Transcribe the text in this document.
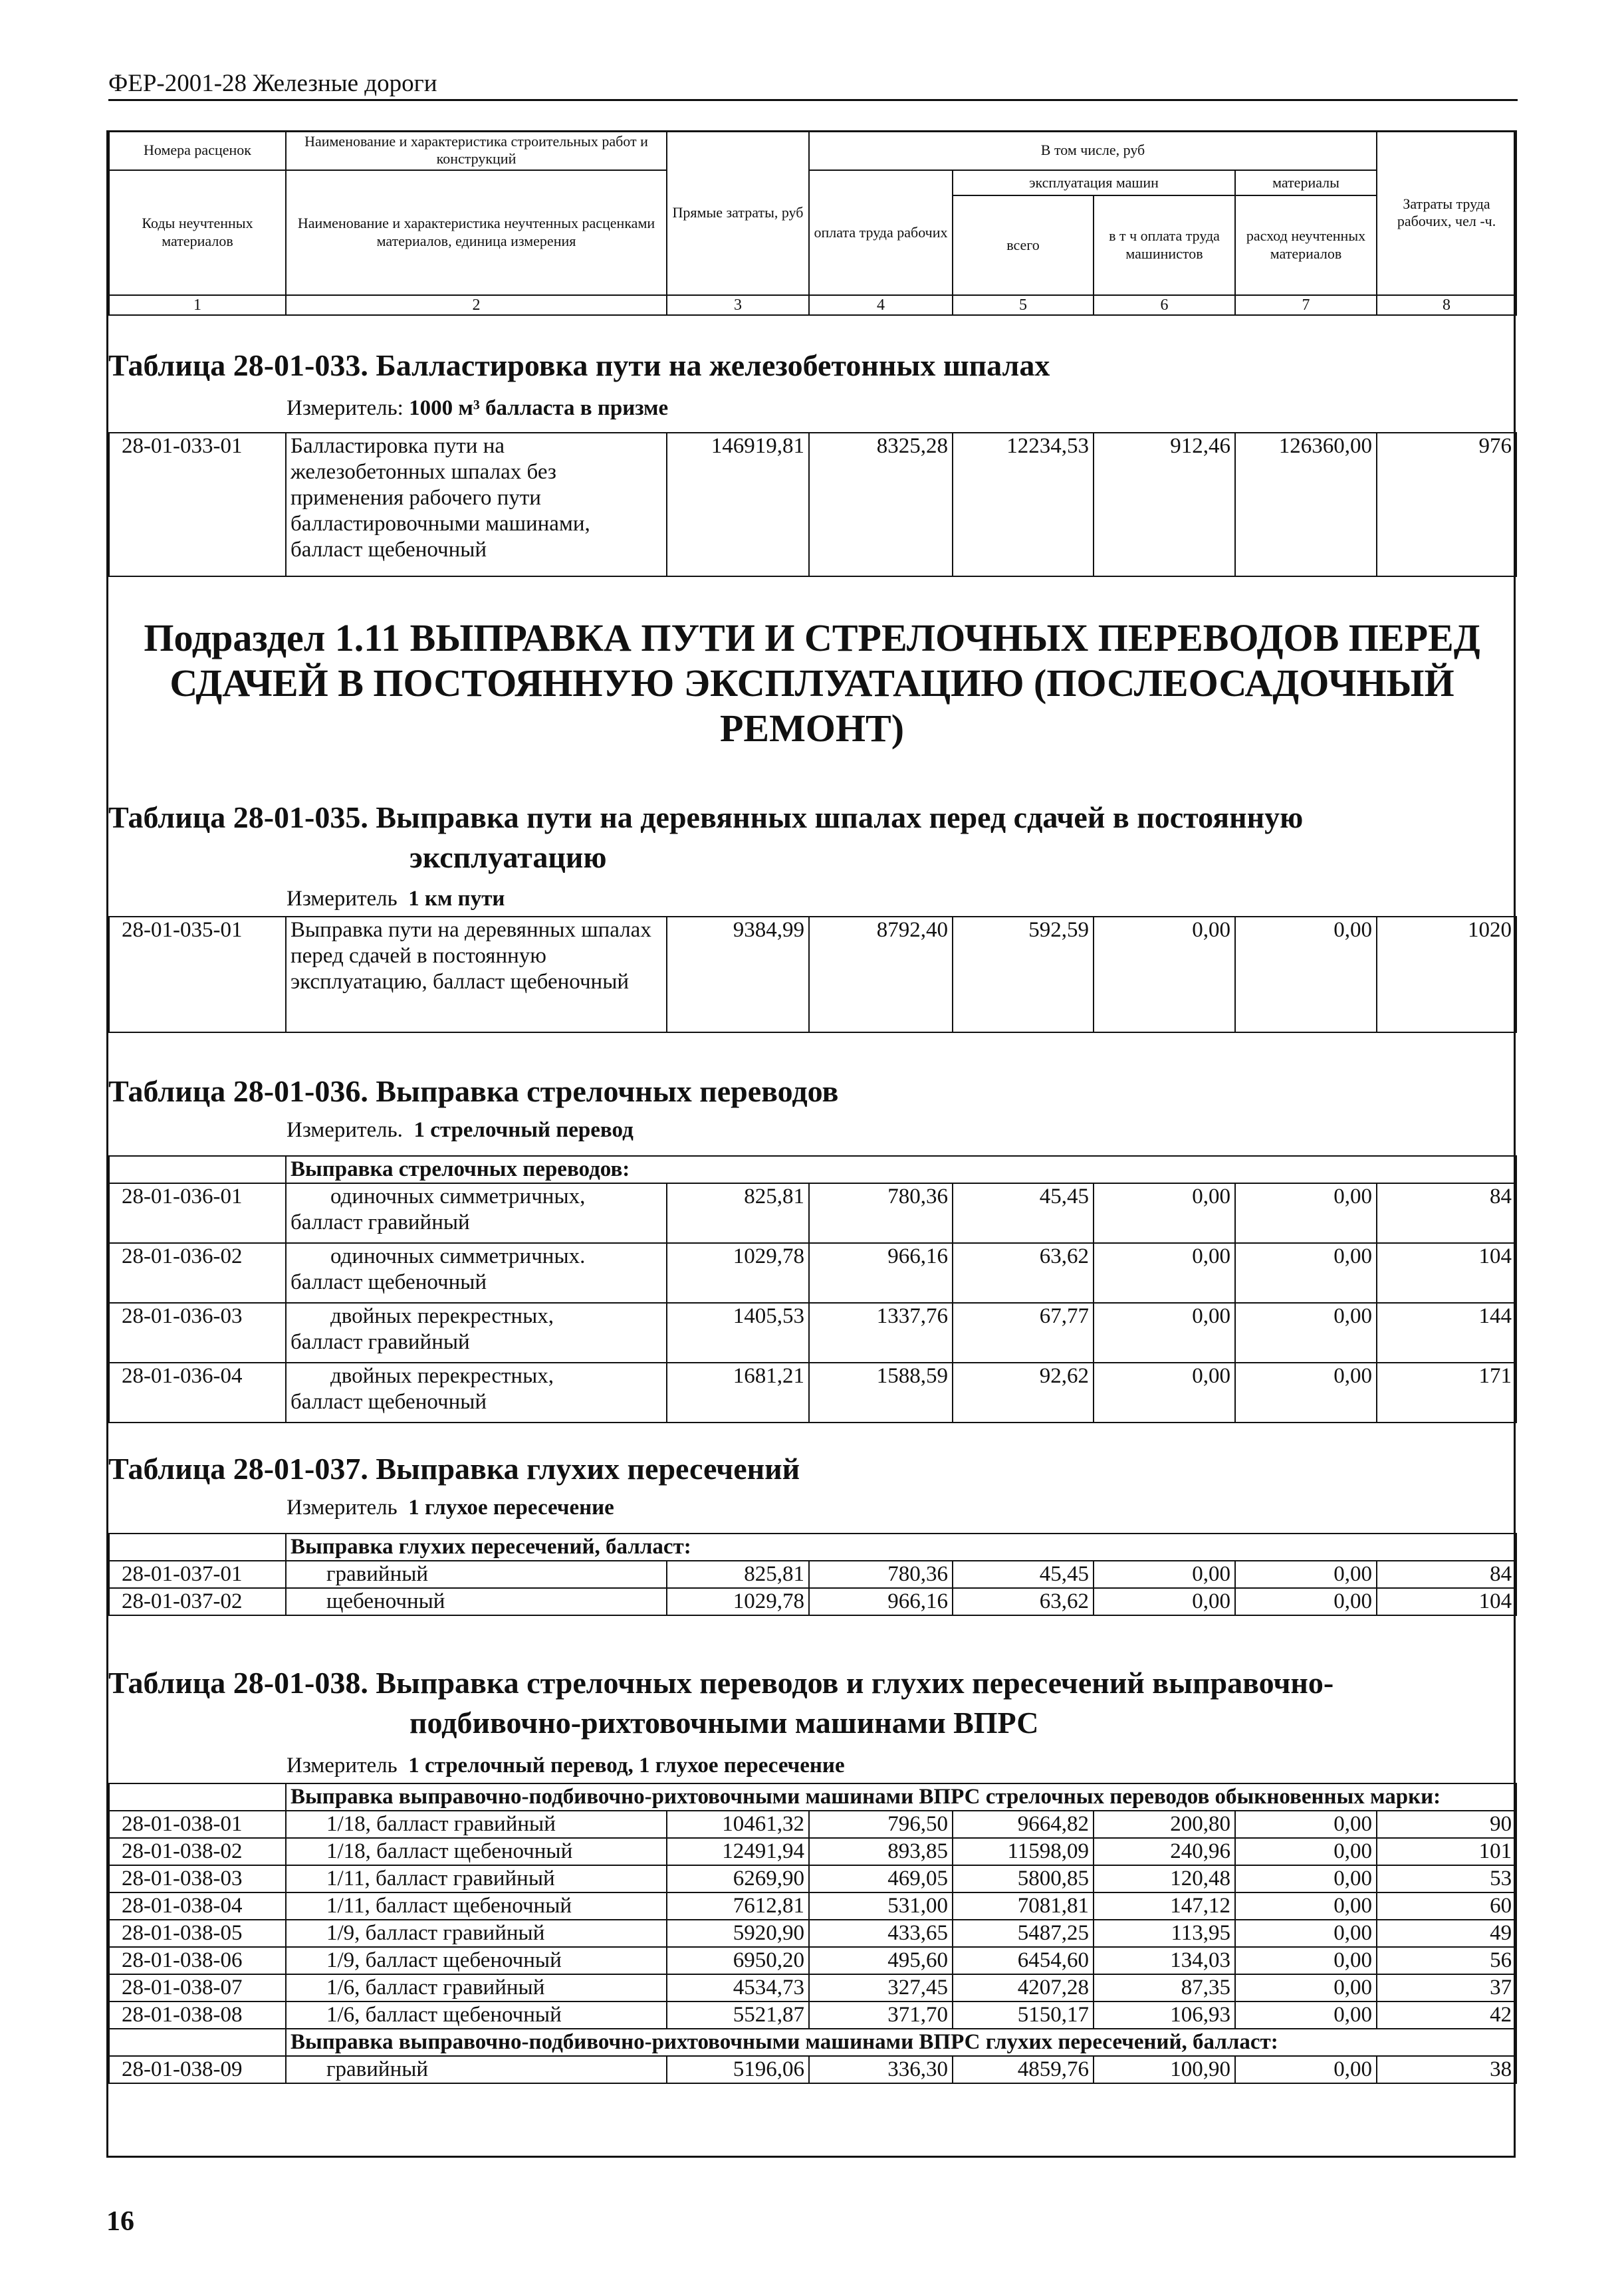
ФЕР-2001-28 Железные дороги
Номера расценок	Наименование и характеристика строительных работ и конструкций	Прямые затраты, руб	В том числе, руб				Затраты труда рабочих, чел -ч.
Коды неучтенных материалов	Наименование и характеристика неучтенных расценками материалов, единица измерения		оплата труда рабочих	эксплуатация машин		материалы	
				всего	в т ч оплата труда машинистов	расход неучтенных материалов	
1	2	3	4	5	6	7	8
Таблица 28-01-033. Балластировка пути на железобетонных шпалах
Измеритель: 1000 м³ балласта в призме
28-01-033-01	Балластировка пути на железобетонных шпалах без применения рабочего пути балластировочными машинами, балласт щебеночный	146919,81	8325,28	12234,53	912,46	126360,00	976
Подраздел 1.11 ВЫПРАВКА ПУТИ И СТРЕЛОЧНЫХ ПЕРЕВОДОВ ПЕРЕД СДАЧЕЙ В ПОСТОЯННУЮ ЭКСПЛУАТАЦИЮ (ПОСЛЕОСАДОЧНЫЙ РЕМОНТ)
Таблица 28-01-035. Выправка пути на деревянных шпалах перед сдачей в постоянную
эксплуатацию
Измеритель 1 км пути
28-01-035-01	Выправка пути на деревянных шпалах перед сдачей в постоянную эксплуатацию, балласт щебеночный	9384,99	8792,40	592,59	0,00	0,00	1020
Таблица 28-01-036. Выправка стрелочных переводов
Измеритель. 1 стрелочный перевод
	Выправка стрелочных переводов:						
28-01-036-01	одиночных симметричных,
балласт гравийный	825,81	780,36	45,45	0,00	0,00	84
28-01-036-02	одиночных симметричных.
балласт щебеночный	1029,78	966,16	63,62	0,00	0,00	104
28-01-036-03	двойных перекрестных,
балласт гравийный	1405,53	1337,76	67,77	0,00	0,00	144
28-01-036-04	двойных перекрестных,
балласт щебеночный	1681,21	1588,59	92,62	0,00	0,00	171
Таблица 28-01-037. Выправка глухих пересечений
Измеритель 1 глухое пересечение
	Выправка глухих пересечений, балласт:						
28-01-037-01	гравийный	825,81	780,36	45,45	0,00	0,00	84
28-01-037-02	щебеночный	1029,78	966,16	63,62	0,00	0,00	104
Таблица 28-01-038. Выправка стрелочных переводов и глухих пересечений выправочно-
подбивочно-рихтовочными машинами ВПРС
Измеритель 1 стрелочный перевод, 1 глухое пересечение
	Выправка выправочно-подбивочно-рихтовочными машинами ВПРС стрелочных переводов обыкновенных марки:						
28-01-038-01	1/18, балласт гравийный	10461,32	796,50	9664,82	200,80	0,00	90
28-01-038-02	1/18, балласт щебеночный	12491,94	893,85	11598,09	240,96	0,00	101
28-01-038-03	1/11, балласт гравийный	6269,90	469,05	5800,85	120,48	0,00	53
28-01-038-04	1/11, балласт щебеночный	7612,81	531,00	7081,81	147,12	0,00	60
28-01-038-05	1/9, балласт гравийный	5920,90	433,65	5487,25	113,95	0,00	49
28-01-038-06	1/9, балласт щебеночный	6950,20	495,60	6454,60	134,03	0,00	56
28-01-038-07	1/6, балласт гравийный	4534,73	327,45	4207,28	87,35	0,00	37
28-01-038-08	1/6, балласт щебеночный	5521,87	371,70	5150,17	106,93	0,00	42
	Выправка выправочно-подбивочно-рихтовочными машинами ВПРС глухих пересечений, балласт:						
28-01-038-09	гравийный	5196,06	336,30	4859,76	100,90	0,00	38
16
